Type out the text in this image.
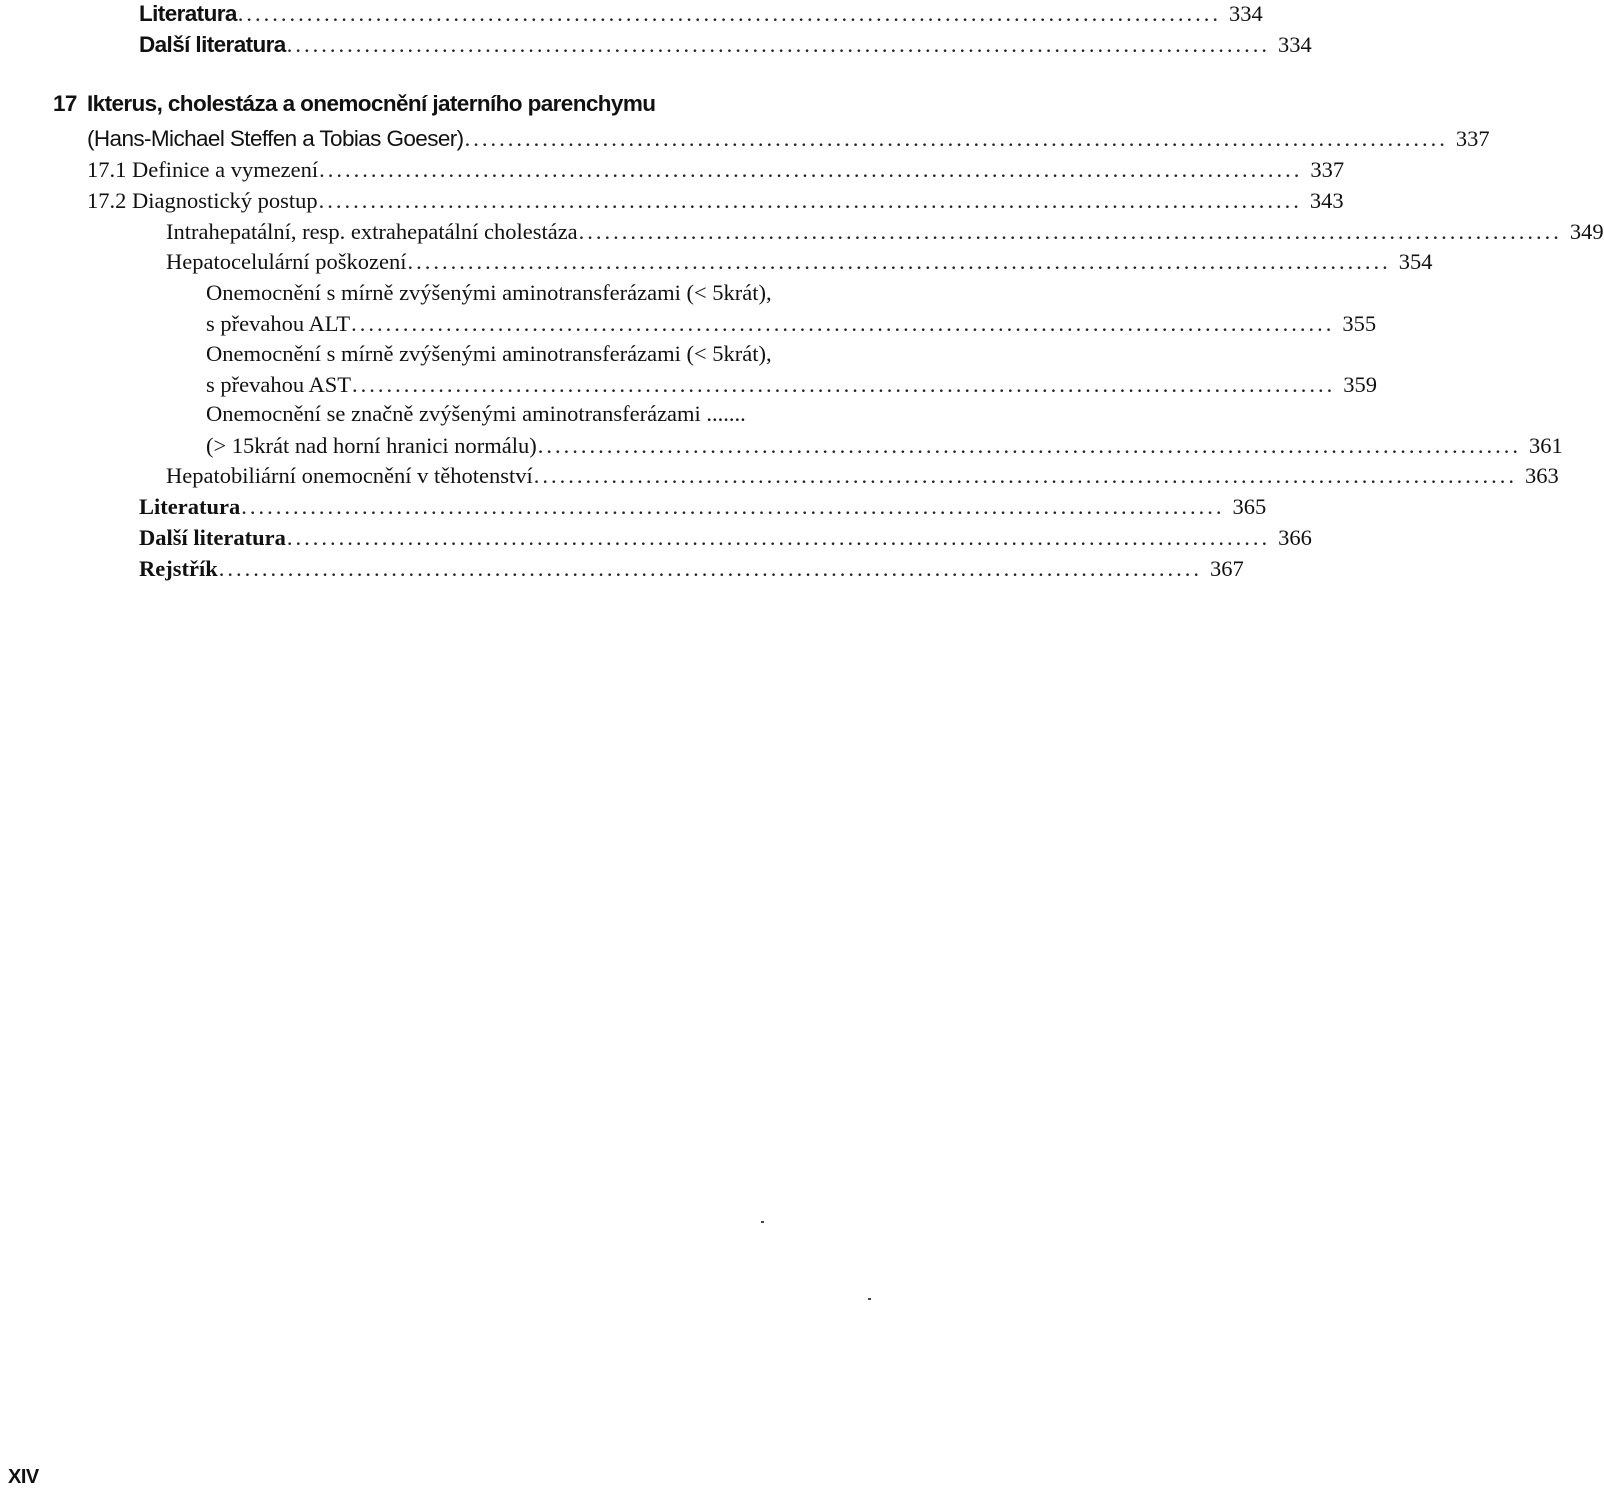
Literatura .................................................................................................................. 334
Další literatura .................................................................................................................. 334
17 Ikterus, cholestáza a onemocnění jaterního parenchymu
(Hans-Michael Steffen a Tobias Goeser) .................................................................................................................. 337
17.1 Definice a vymezení .................................................................................................................. 337
17.2 Diagnostický postup .................................................................................................................. 343
Intrahepatální, resp. extrahepatální cholestáza .................................................................................................................. 349
Hepatocelulární poškození .................................................................................................................. 354
Onemocnění s mírně zvýšenými aminotransferázami (< 5krát),
s převahou ALT .................................................................................................................. 355
Onemocnění s mírně zvýšenými aminotransferázami (< 5krát),
s převahou AST .................................................................................................................. 359
Onemocnění se značně zvýšenými aminotransferázami .......
(> 15krát nad horní hranici normálu) .................................................................................................................. 361
Hepatobiliární onemocnění v těhotenství .................................................................................................................. 363
Literatura .................................................................................................................. 365
Další literatura .................................................................................................................. 366
Rejstřík .................................................................................................................. 367
XIV
